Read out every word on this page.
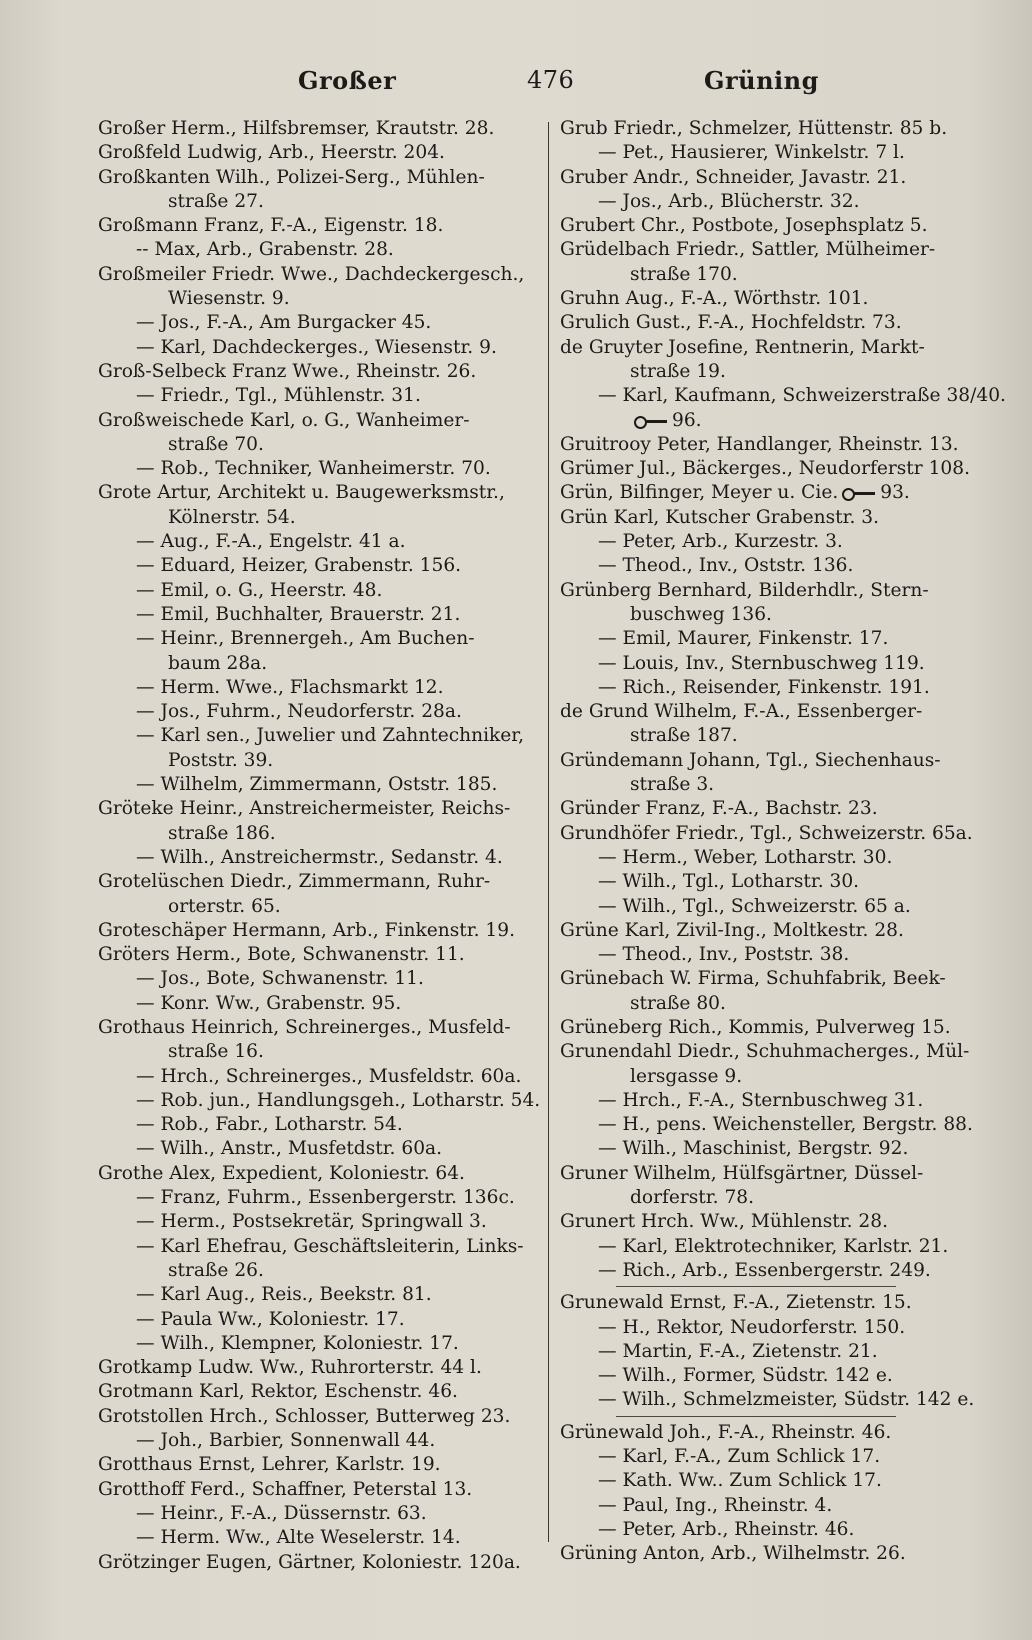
Großer	476	Grüning
Großer Herm., Hilfsbremser, Krautstr. 28.
Großfeld Ludwig, Arb., Heerstr. 204.
Großkanten Wilh., Polizei-Serg., Mühlen-
straße 27.
Großmann Franz, F.-A., Eigenstr. 18.
-- Max, Arb., Grabenstr. 28.
Großmeiler Friedr. Wwe., Dachdeckergesch.,
Wiesenstr. 9.
— Jos., F.-A., Am Burgacker 45.
— Karl, Dachdeckerges., Wiesenstr. 9.
Groß-Selbeck Franz Wwe., Rheinstr. 26.
— Friedr., Tgl., Mühlenstr. 31.
Großweischede Karl, o. G., Wanheimer-
straße 70.
— Rob., Techniker, Wanheimerstr. 70.
Grote Artur, Architekt u. Baugewerksmstr.,
Kölnerstr. 54.
— Aug., F.-A., Engelstr. 41 a.
— Eduard, Heizer, Grabenstr. 156.
— Emil, o. G., Heerstr. 48.
— Emil, Buchhalter, Brauerstr. 21.
— Heinr., Brennergeh., Am Buchen-
baum 28a.
— Herm. Wwe., Flachsmarkt 12.
— Jos., Fuhrm., Neudorferstr. 28a.
— Karl sen., Juwelier und Zahntechniker,
Poststr. 39.
— Wilhelm, Zimmermann, Oststr. 185.
Gröteke Heinr., Anstreichermeister, Reichs-
straße 186.
— Wilh., Anstreichermstr., Sedanstr. 4.
Grotelüschen Diedr., Zimmermann, Ruhr-
orterstr. 65.
Groteschäper Hermann, Arb., Finkenstr. 19.
Gröters Herm., Bote, Schwanenstr. 11.
— Jos., Bote, Schwanenstr. 11.
— Konr. Ww., Grabenstr. 95.
Grothaus Heinrich, Schreinerges., Musfeld-
straße 16.
— Hrch., Schreinerges., Musfeldstr. 60a.
— Rob. jun., Handlungsgeh., Lotharstr. 54.
— Rob., Fabr., Lotharstr. 54.
— Wilh., Anstr., Musfetdstr. 60a.
Grothe Alex, Expedient, Koloniestr. 64.
— Franz, Fuhrm., Essenbergerstr. 136c.
— Herm., Postsekretär, Springwall 3.
— Karl Ehefrau, Geschäftsleiterin, Links-
straße 26.
— Karl Aug., Reis., Beekstr. 81.
— Paula Ww., Koloniestr. 17.
— Wilh., Klempner, Koloniestr. 17.
Grotkamp Ludw. Ww., Ruhrorterstr. 44 l.
Grotmann Karl, Rektor, Eschenstr. 46.
Grotstollen Hrch., Schlosser, Butterweg 23.
— Joh., Barbier, Sonnenwall 44.
Grotthaus Ernst, Lehrer, Karlstr. 19.
Grotthoff Ferd., Schaffner, Peterstal 13.
— Heinr., F.-A., Düssernstr. 63.
— Herm. Ww., Alte Weselerstr. 14.
Grötzinger Eugen, Gärtner, Koloniestr. 120a.
Grub Friedr., Schmelzer, Hüttenstr. 85 b.
— Pet., Hausierer, Winkelstr. 7 l.
Gruber Andr., Schneider, Javastr. 21.
— Jos., Arb., Blücherstr. 32.
Grubert Chr., Postbote, Josephsplatz 5.
Grüdelbach Friedr., Sattler, Mülheimer-
straße 170.
Gruhn Aug., F.-A., Wörthstr. 101.
Grulich Gust., F.-A., Hochfeldstr. 73.
de Gruyter Josefine, Rentnerin, Markt-
straße 19.
— Karl, Kaufmann, Schweizerstraße 38/40.
96.
Gruitrooy Peter, Handlanger, Rheinstr. 13.
Grümer Jul., Bäckerges., Neudorferstr 108.
Grün, Bilfinger, Meyer u. Cie. 93.
Grün Karl, Kutscher Grabenstr. 3.
— Peter, Arb., Kurzestr. 3.
— Theod., Inv., Oststr. 136.
Grünberg Bernhard, Bilderhdlr., Stern-
buschweg 136.
— Emil, Maurer, Finkenstr. 17.
— Louis, Inv., Sternbuschweg 119.
— Rich., Reisender, Finkenstr. 191.
de Grund Wilhelm, F.-A., Essenberger-
straße 187.
Gründemann Johann, Tgl., Siechenhaus-
straße 3.
Gründer Franz, F.-A., Bachstr. 23.
Grundhöfer Friedr., Tgl., Schweizerstr. 65a.
— Herm., Weber, Lotharstr. 30.
— Wilh., Tgl., Lotharstr. 30.
— Wilh., Tgl., Schweizerstr. 65 a.
Grüne Karl, Zivil-Ing., Moltkestr. 28.
— Theod., Inv., Poststr. 38.
Grünebach W. Firma, Schuhfabrik, Beek-
straße 80.
Grüneberg Rich., Kommis, Pulverweg 15.
Grunendahl Diedr., Schuhmacherges., Mül-
lersgasse 9.
— Hrch., F.-A., Sternbuschweg 31.
— H., pens. Weichensteller, Bergstr. 88.
— Wilh., Maschinist, Bergstr. 92.
Gruner Wilhelm, Hülfsgärtner, Düssel-
dorferstr. 78.
Grunert Hrch. Ww., Mühlenstr. 28.
— Karl, Elektrotechniker, Karlstr. 21.
— Rich., Arb., Essenbergerstr. 249.
Grunewald Ernst, F.-A., Zietenstr. 15.
— H., Rektor, Neudorferstr. 150.
— Martin, F.-A., Zietenstr. 21.
— Wilh., Former, Südstr. 142 e.
— Wilh., Schmelzmeister, Südstr. 142 e.
Grünewald Joh., F.-A., Rheinstr. 46.
— Karl, F.-A., Zum Schlick 17.
— Kath. Ww.. Zum Schlick 17.
— Paul, Ing., Rheinstr. 4.
— Peter, Arb., Rheinstr. 46.
Grüning Anton, Arb., Wilhelmstr. 26.
